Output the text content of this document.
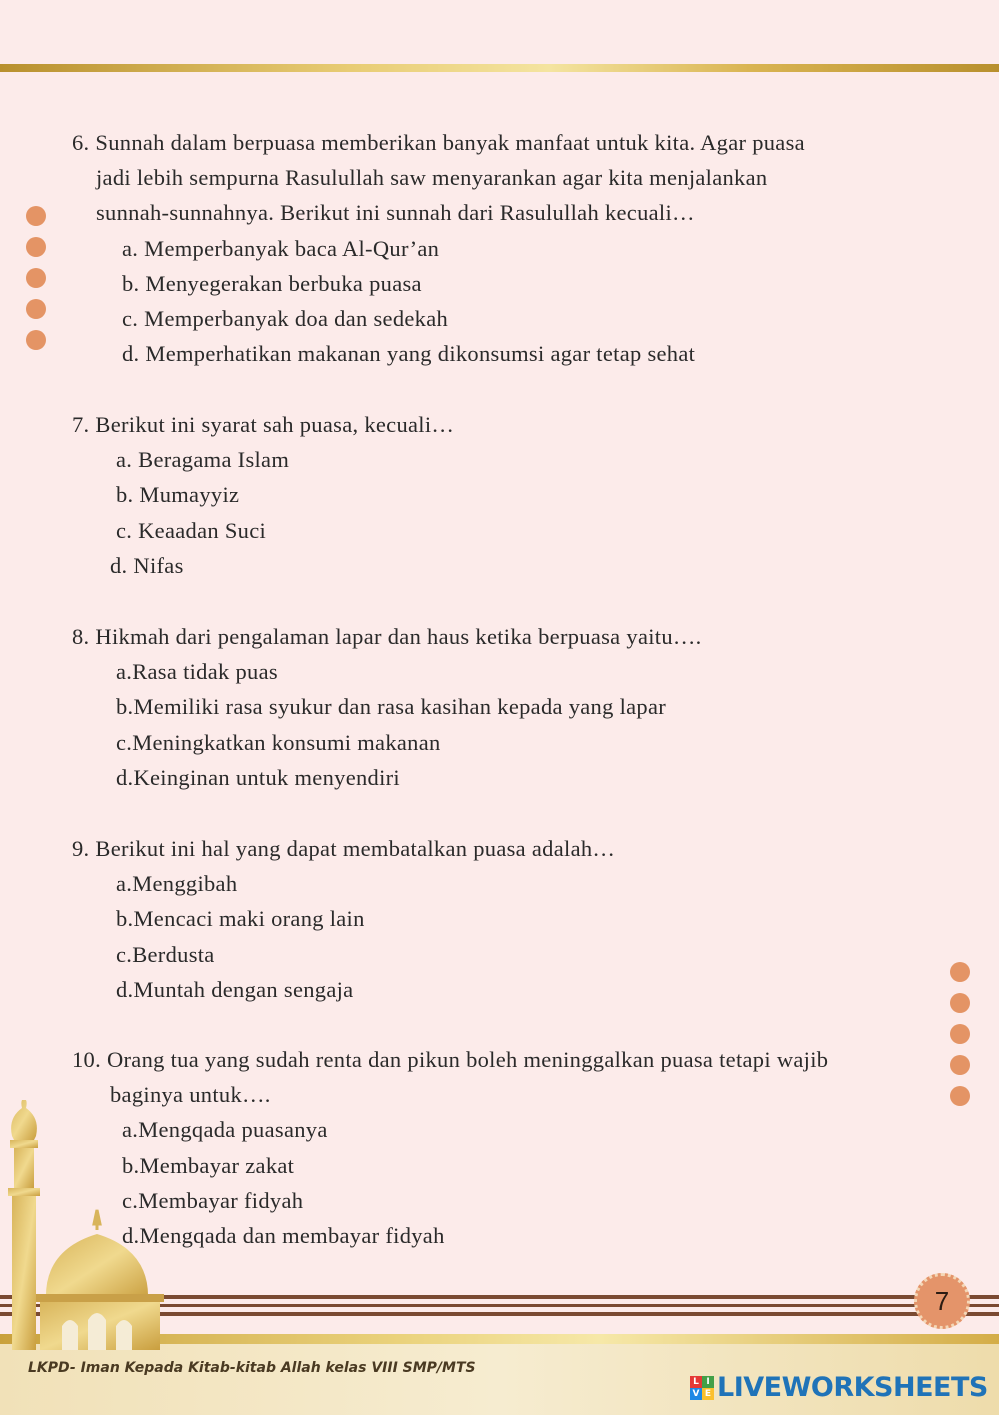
6. Sunnah dalam berpuasa memberikan banyak manfaat untuk kita. Agar puasa
jadi lebih sempurna Rasulullah saw menyarankan agar kita menjalankan
sunnah-sunnahnya. Berikut ini sunnah dari Rasulullah kecuali…
a. Memperbanyak baca Al-Qur’an
b. Menyegerakan berbuka puasa
c. Memperbanyak doa dan sedekah
d. Memperhatikan makanan yang dikonsumsi agar tetap sehat
7. Berikut ini syarat sah puasa, kecuali…
a. Beragama Islam
b. Mumayyiz
c. Keaadan Suci
d. Nifas
8. Hikmah dari pengalaman lapar dan haus ketika berpuasa yaitu….
a.Rasa tidak puas
b.Memiliki rasa syukur dan rasa kasihan kepada yang lapar
c.Meningkatkan konsumi makanan
d.Keinginan untuk menyendiri
9. Berikut ini hal yang dapat membatalkan puasa adalah…
a.Menggibah
b.Mencaci maki orang lain
c.Berdusta
d.Muntah dengan sengaja
10. Orang tua yang sudah renta dan pikun boleh meninggalkan puasa tetapi wajib
baginya untuk….
a.Mengqada puasanya
b.Membayar zakat
c.Membayar fidyah
d.Mengqada dan membayar fidyah
7
LKPD- Iman Kepada Kitab-kitab Allah kelas VIII SMP/MTS
L I
V E LIVEWORKSHEETS
